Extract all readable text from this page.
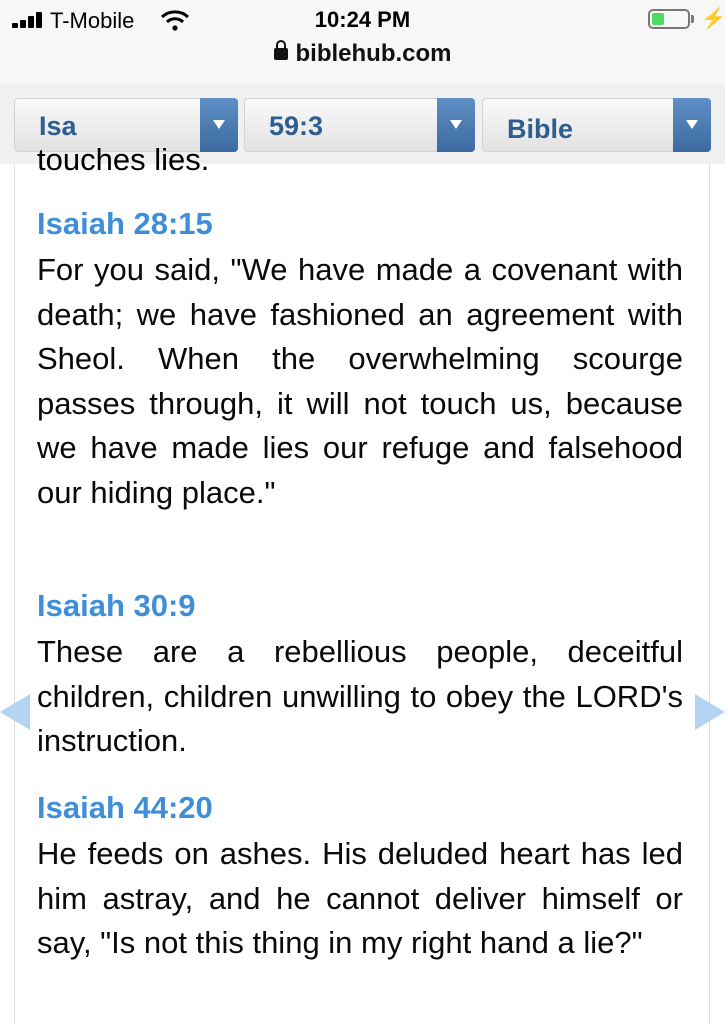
T-Mobile	10:24 PM	⚡
biblehub.com
Isa	59:3	Bible
touches lies.
Isaiah 28:15
For you said, "We have made a covenant with death; we have fashioned an agreement with Sheol. When the overwhelming scourge passes through, it will not touch us, because we have made lies our refuge and falsehood our hiding place."
Isaiah 30:9
These are a rebellious people, deceitful children, children unwilling to obey the LORD's instruction.
Isaiah 44:20
He feeds on ashes. His deluded heart has led him astray, and he cannot deliver himself or say, "Is not this thing in my right hand a lie?"
